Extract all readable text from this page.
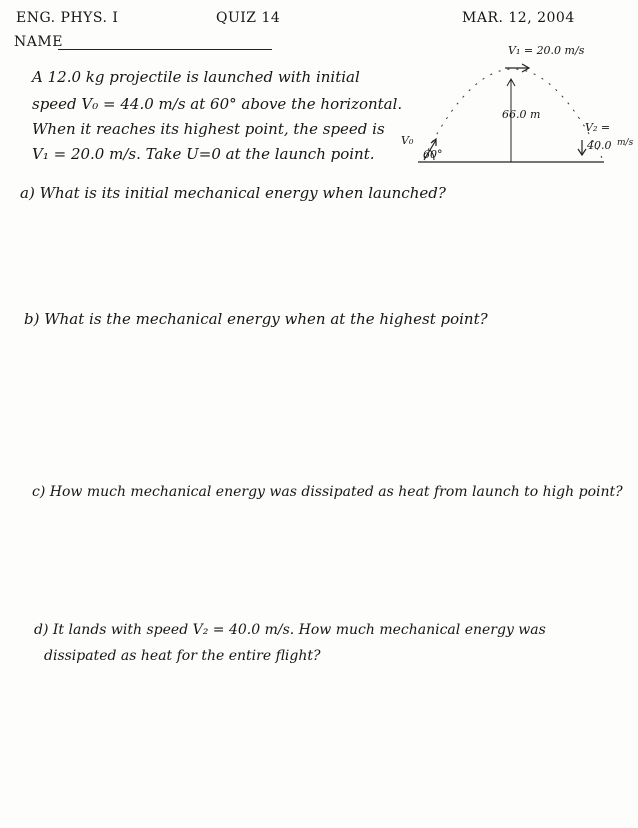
ENG. PHYS. I	QUIZ 14	MAR. 12, 2004
NAME
A 12.0 kg projectile is launched with initial
speed V₀ = 44.0 m/s at 60° above the horizontal.
When it reaches its highest point, the speed is
V₁ = 20.0 m/s. Take U=0 at the launch point.
V₁ = 20.0 m/s
66.0 m
V₀
60°
V₂ =
40.0 m/s
a) What is its initial mechanical energy when launched?
b) What is the mechanical energy when at the highest point?
c) How much mechanical energy was dissipated as heat from launch to high point?
d) It lands with speed V₂ = 40.0 m/s. How much mechanical energy was
dissipated as heat for the entire flight?
